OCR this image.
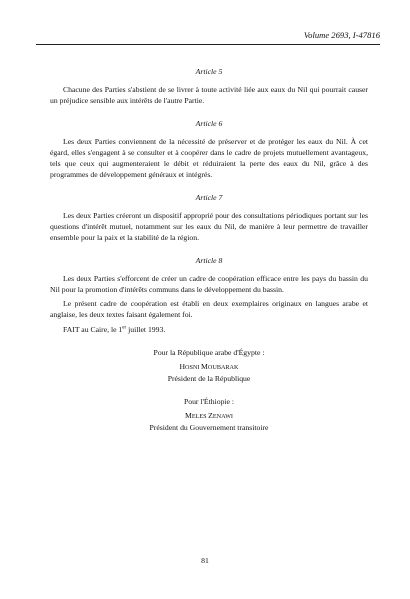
Volume 2693, I-47816

Article 5

Chacune des Parties s'abstient de se livrer à toute activité liée aux eaux du Nil qui pourrait causer un préjudice sensible aux intérêts de l'autre Partie.

Article 6

Les deux Parties conviennent de la nécessité de préserver et de protéger les eaux du Nil. À cet égard, elles s'engagent à se consulter et à coopérer dans le cadre de projets mutuellement avantageux, tels que ceux qui augmenteraient le débit et réduiraient la perte des eaux du Nil, grâce à des programmes de développement généraux et intégrés.

Article 7

Les deux Parties créeront un dispositif approprié pour des consultations périodiques portant sur les questions d'intérêt mutuel, notamment sur les eaux du Nil, de manière à leur permettre de travailler ensemble pour la paix et la stabilité de la région.

Article 8

Les deux Parties s'efforcent de créer un cadre de coopération efficace entre les pays du bassin du Nil pour la promotion d'intérêts communs dans le développement du bassin.

Le présent cadre de coopération est établi en deux exemplaires originaux en langues arabe et anglaise, les deux textes faisant également foi.

FAIT au Caire, le 1er juillet 1993.

Pour la République arabe d'Égypte :

HOSNI MOUBARAK

Président de la République

Pour l'Éthiopie :

MELES ZENAWI

Président du Gouvernement transitoire

81
